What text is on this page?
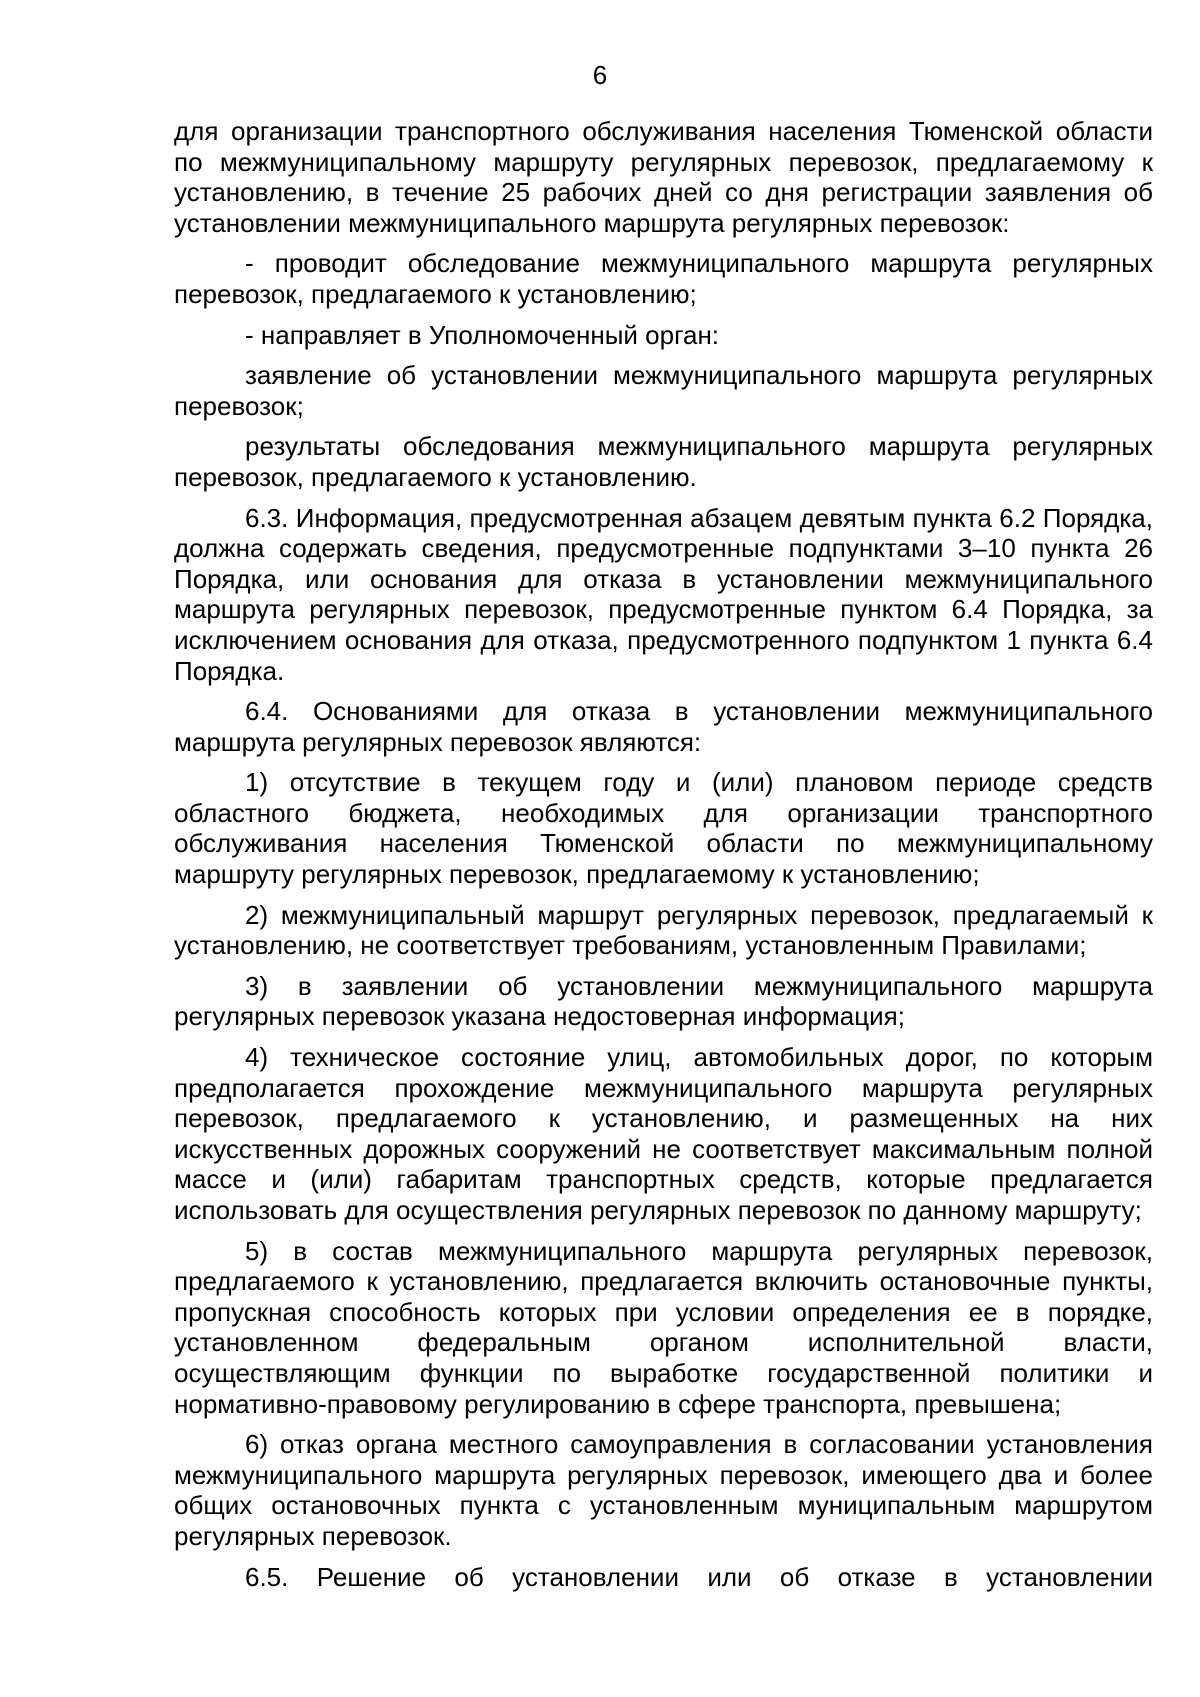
6

для организации транспортного обслуживания населения Тюменской области по межмуниципальному маршруту регулярных перевозок, предлагаемому к установлению, в течение 25 рабочих дней со дня регистрации заявления об установлении межмуниципального маршрута регулярных перевозок:

- проводит обследование межмуниципального маршрута регулярных перевозок, предлагаемого к установлению;

- направляет в Уполномоченный орган:

заявление об установлении межмуниципального маршрута регулярных перевозок;

результаты обследования межмуниципального маршрута регулярных перевозок, предлагаемого к установлению.

6.3. Информация, предусмотренная абзацем девятым пункта 6.2 Порядка, должна содержать сведения, предусмотренные подпунктами 3–10 пункта 26 Порядка, или основания для отказа в установлении межмуниципального маршрута регулярных перевозок, предусмотренные пунктом 6.4 Порядка, за исключением основания для отказа, предусмотренного подпунктом 1 пункта 6.4 Порядка.

6.4. Основаниями для отказа в установлении межмуниципального маршрута регулярных перевозок являются:

1) отсутствие в текущем году и (или) плановом периоде средств областного бюджета, необходимых для организации транспортного обслуживания населения Тюменской области по межмуниципальному маршруту регулярных перевозок, предлагаемому к установлению;

2) межмуниципальный маршрут регулярных перевозок, предлагаемый к установлению, не соответствует требованиям, установленным Правилами;

3) в заявлении об установлении межмуниципального маршрута регулярных перевозок указана недостоверная информация;

4) техническое состояние улиц, автомобильных дорог, по которым предполагается прохождение межмуниципального маршрута регулярных перевозок, предлагаемого к установлению, и размещенных на них искусственных дорожных сооружений не соответствует максимальным полной массе и (или) габаритам транспортных средств, которые предлагается использовать для осуществления регулярных перевозок по данному маршруту;

5) в состав межмуниципального маршрута регулярных перевозок, предлагаемого к установлению, предлагается включить остановочные пункты, пропускная способность которых при условии определения ее в порядке, установленном федеральным органом исполнительной власти, осуществляющим функции по выработке государственной политики и нормативно-правовому регулированию в сфере транспорта, превышена;

6) отказ органа местного самоуправления в согласовании установления межмуниципального маршрута регулярных перевозок, имеющего два и более общих остановочных пункта с установленным муниципальным маршрутом регулярных перевозок.

6.5. Решение об установлении или об отказе в установлении
